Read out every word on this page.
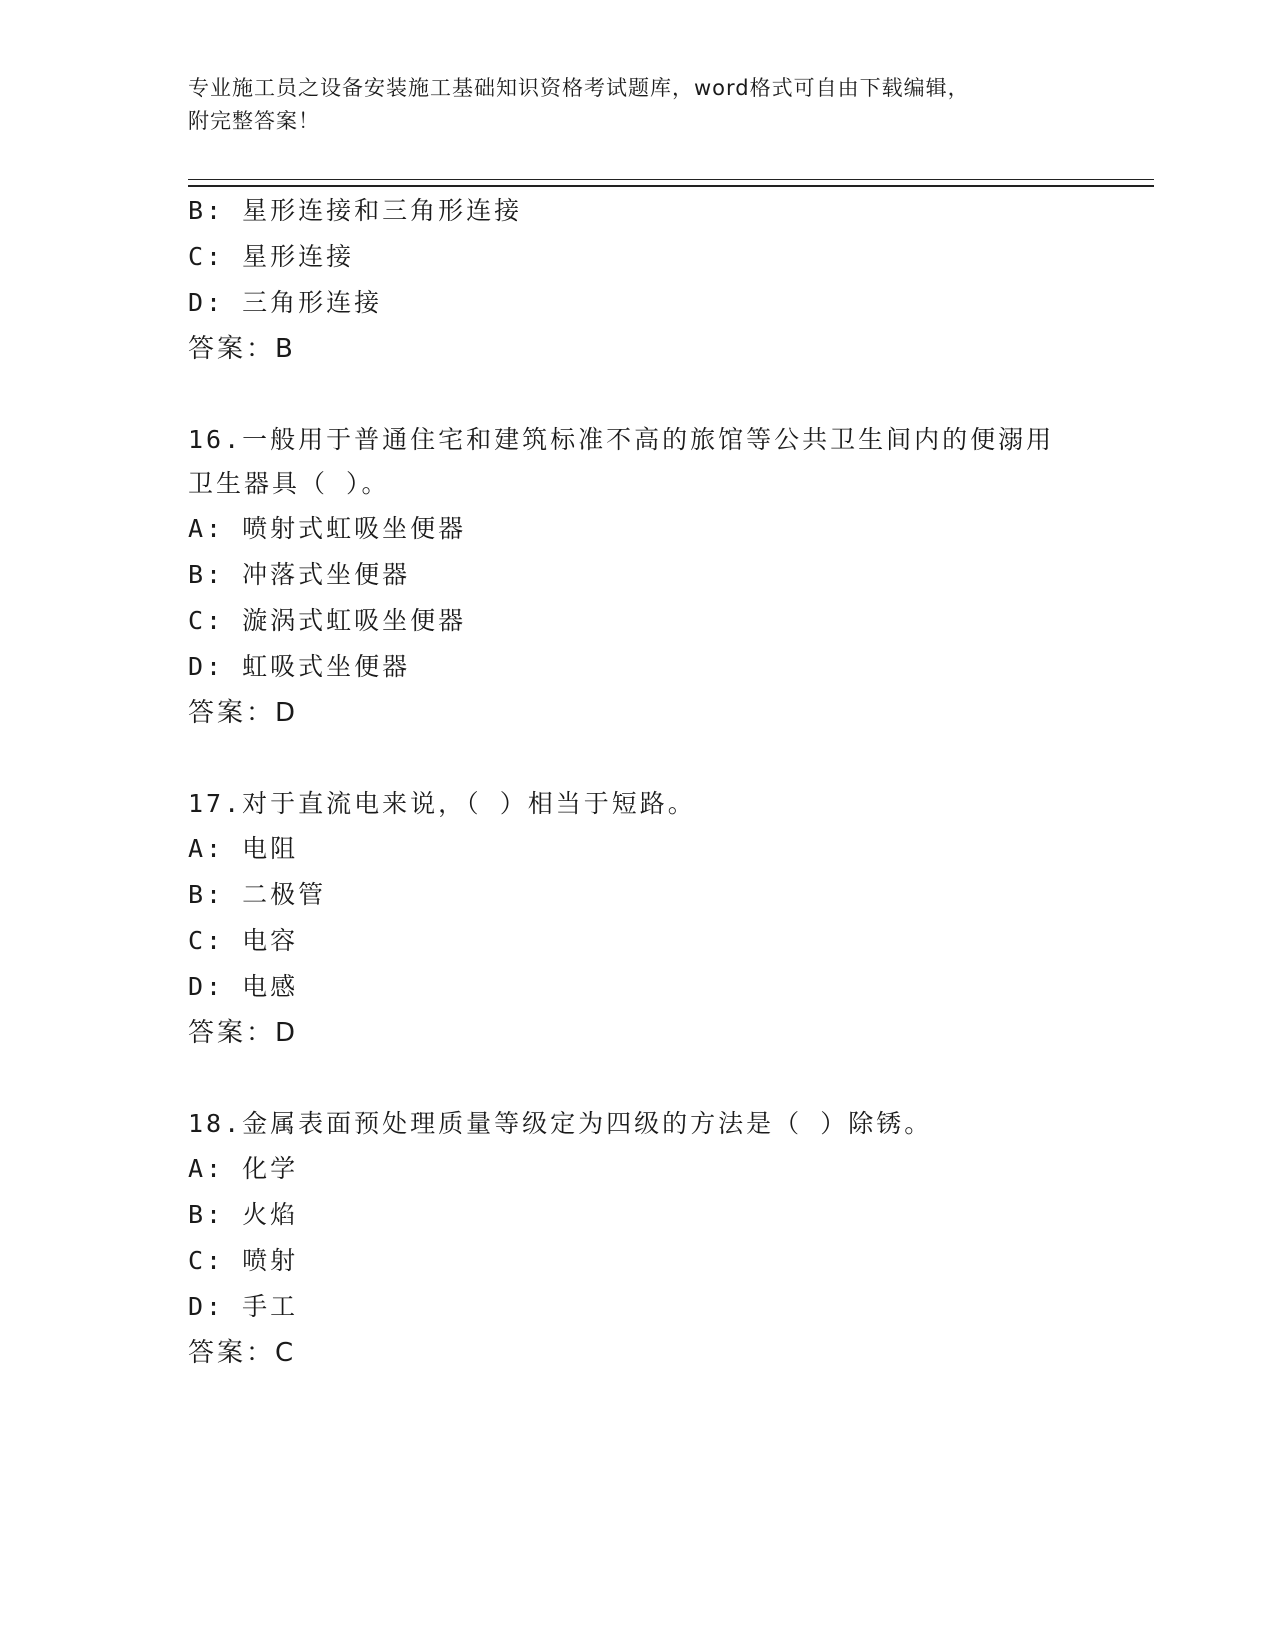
专业施工员之设备安装施工基础知识资格考试题库，word格式可自由下载编辑，
附完整答案！
B: 星形连接和三角形连接
C: 星形连接
D: 三角形连接
答案：B
16.一般用于普通住宅和建筑标准不高的旅馆等公共卫生间内的便溺用
卫生器具（ ）。
A: 喷射式虹吸坐便器
B: 冲落式坐便器
C: 漩涡式虹吸坐便器
D: 虹吸式坐便器
答案：D
17.对于直流电来说，（ ）相当于短路。
A: 电阻
B: 二极管
C: 电容
D: 电感
答案：D
18.金属表面预处理质量等级定为四级的方法是（ ）除锈。
A: 化学
B: 火焰
C: 喷射
D: 手工
答案：C
